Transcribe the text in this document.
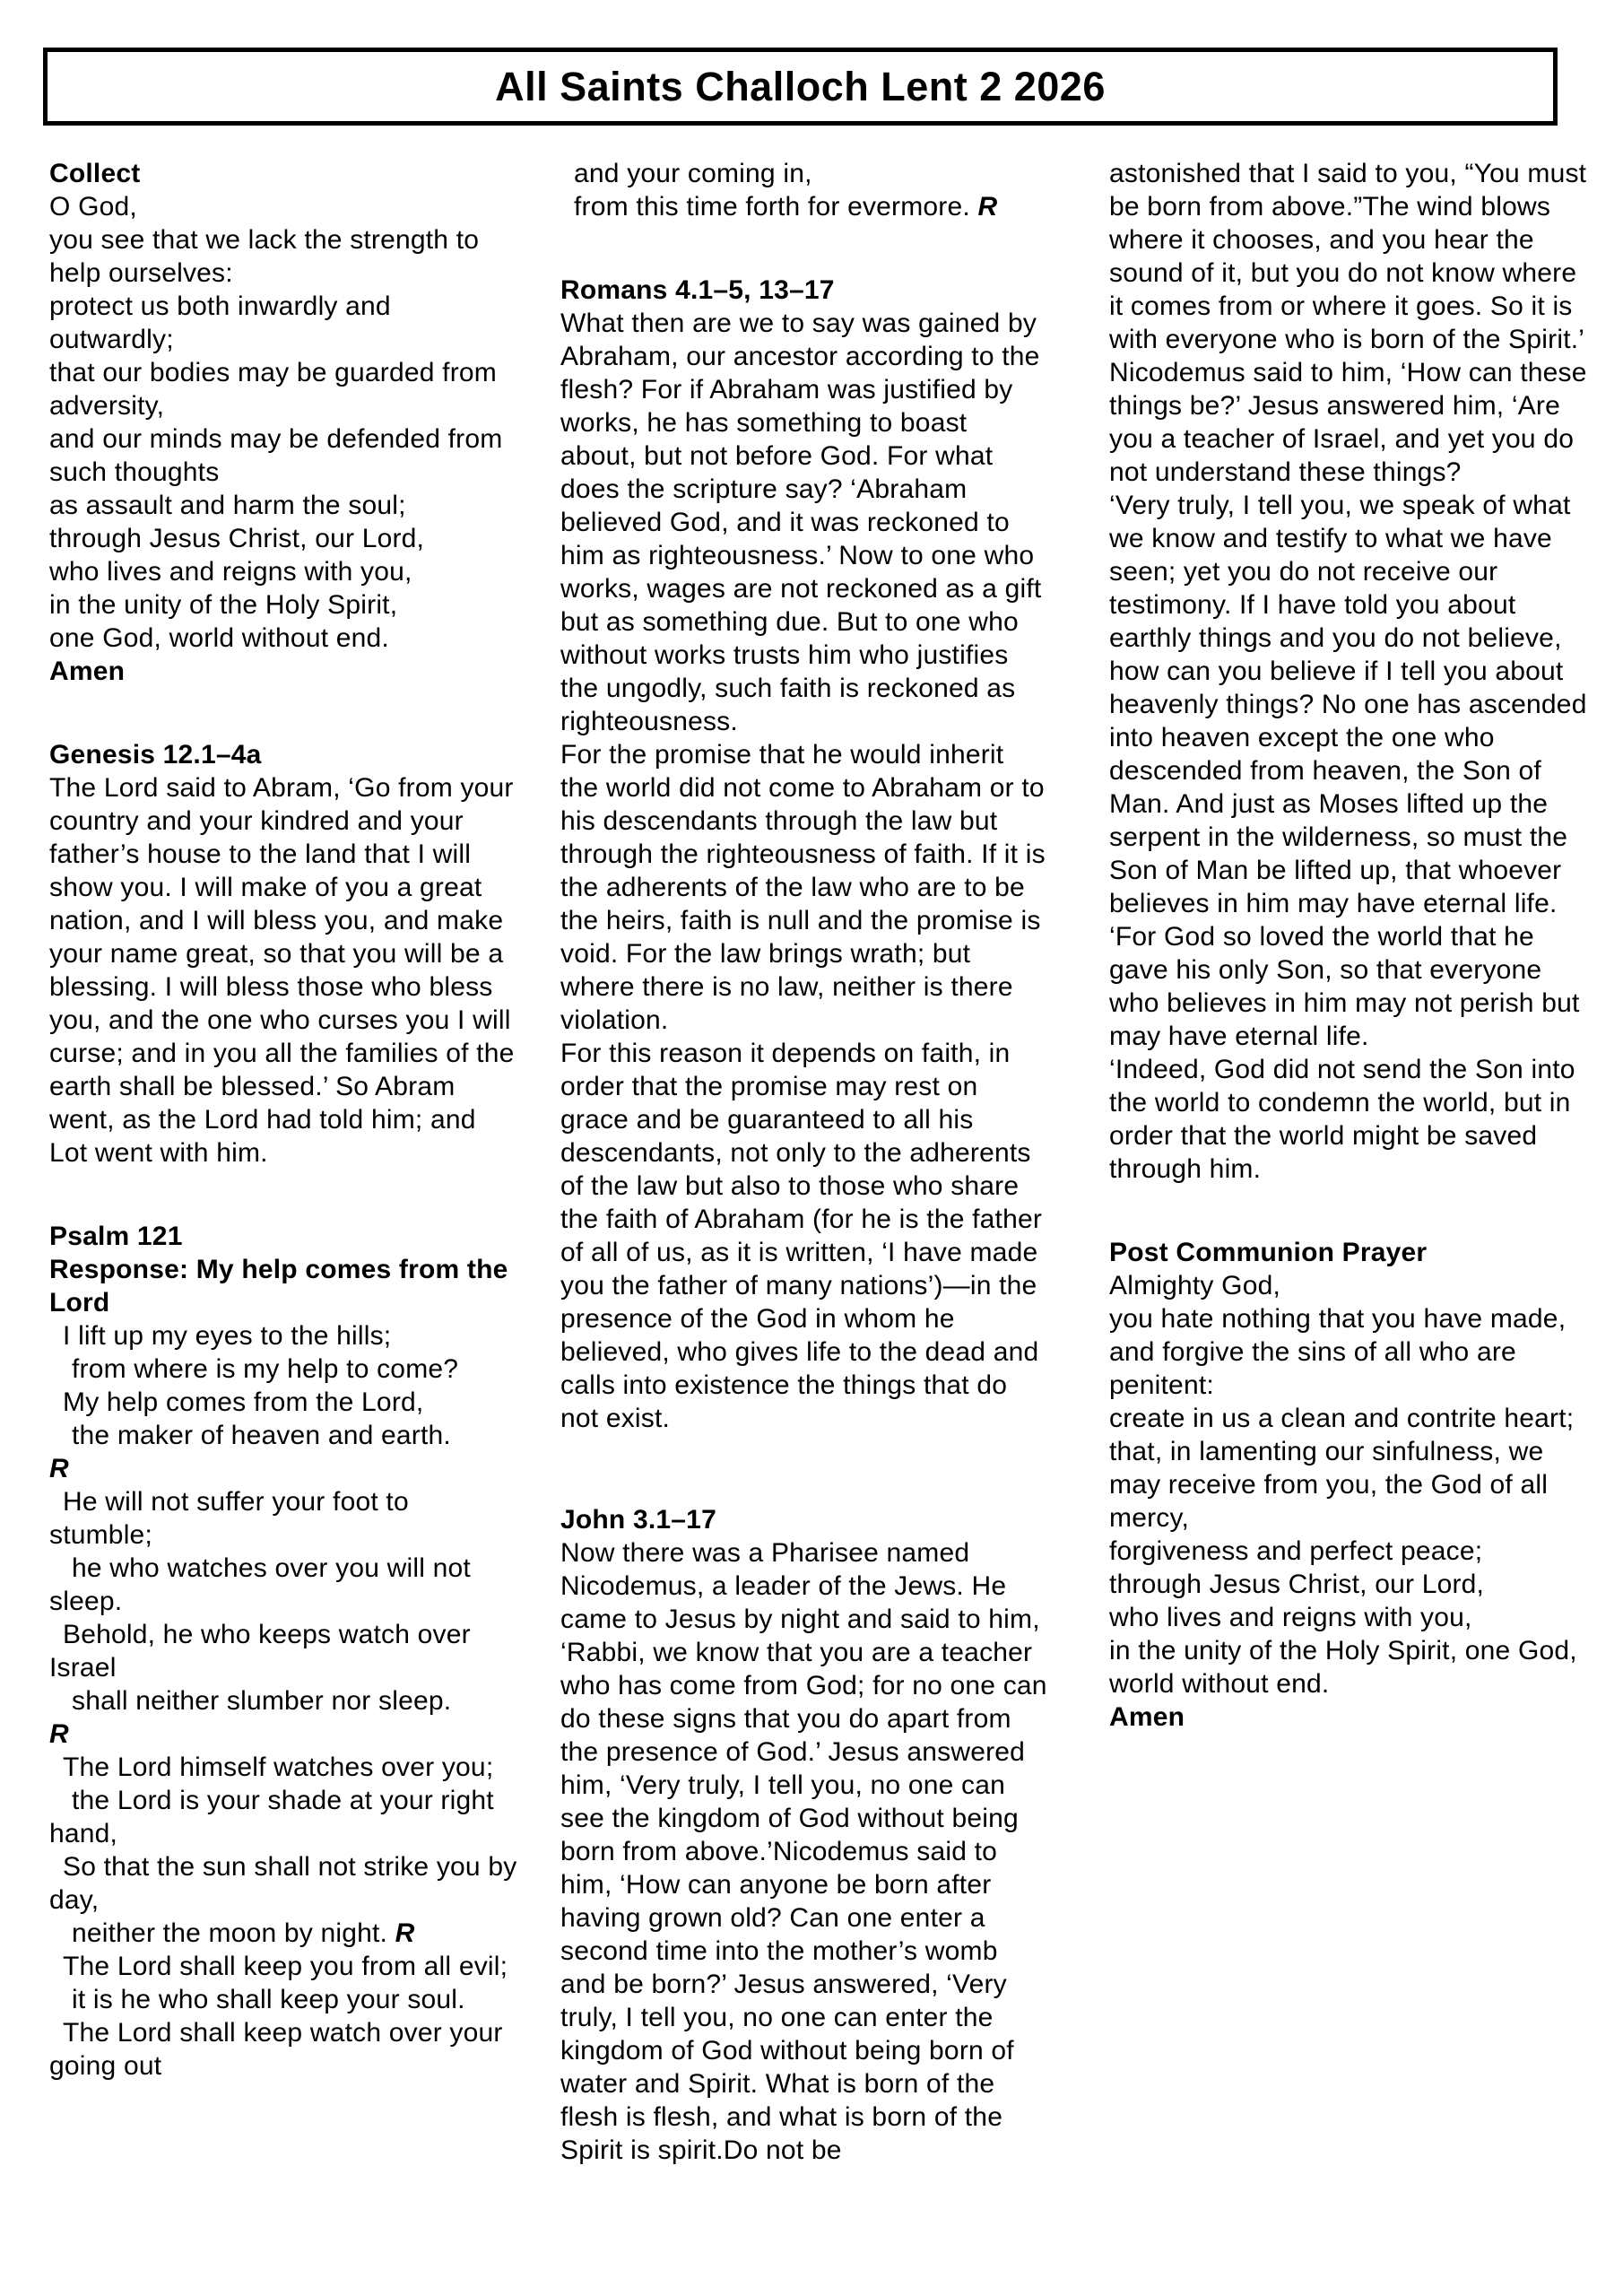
All Saints Challoch Lent 2 2026
Collect
O God,
you see that we lack the strength to help ourselves:
protect us both inwardly and outwardly;
that our bodies may be guarded from adversity,
and our minds may be defended from such thoughts
as assault and harm the soul;
through Jesus Christ, our Lord,
who lives and reigns with you,
in the unity of the Holy Spirit,
one God, world without end.
Amen
Genesis 12.1–4a
The Lord said to Abram, ‘Go from your country and your kindred and your father’s house to the land that I will show you. I will make of you a great nation, and I will bless you, and make your name great, so that you will be a blessing. I will bless those who bless you, and the one who curses you I will curse; and in you all the families of the earth shall be blessed.’ So Abram went, as the Lord had told him; and Lot went with him.
Psalm 121
Response: My help comes from the Lord
I lift up my eyes to the hills;
from where is my help to come?
My help comes from the Lord,
the maker of heaven and earth.
R
He will not suffer your foot to stumble;
he who watches over you will not sleep.
Behold, he who keeps watch over Israel
shall neither slumber nor sleep.
R
The Lord himself watches over you;
the Lord is your shade at your right hand,
So that the sun shall not strike you by day,
neither the moon by night. R
The Lord shall keep you from all evil;
it is he who shall keep your soul.
The Lord shall keep watch over your going out
and your coming in,
from this time forth for evermore. R
Romans 4.1–5, 13–17
What then are we to say was gained by Abraham, our ancestor according to the flesh? For if Abraham was justified by works, he has something to boast about, but not before God. For what does the scripture say? ‘Abraham believed God, and it was reckoned to him as righteousness.’ Now to one who works, wages are not reckoned as a gift but as something due. But to one who without works trusts him who justifies the ungodly, such faith is reckoned as righteousness.
For the promise that he would inherit the world did not come to Abraham or to his descendants through the law but through the righteousness of faith. If it is the adherents of the law who are to be the heirs, faith is null and the promise is void. For the law brings wrath; but where there is no law, neither is there violation.
For this reason it depends on faith, in order that the promise may rest on grace and be guaranteed to all his descendants, not only to the adherents of the law but also to those who share the faith of Abraham (for he is the father of all of us, as it is written, ‘I have made you the father of many nations’)—in the presence of the God in whom he believed, who gives life to the dead and calls into existence the things that do not exist.
John 3.1–17
Now there was a Pharisee named Nicodemus, a leader of the Jews. He came to Jesus by night and said to him, ‘Rabbi, we know that you are a teacher who has come from God; for no one can do these signs that you do apart from the presence of God.’ Jesus answered him, ‘Very truly, I tell you, no one can see the kingdom of God without being born from above.’Nicodemus said to him, ‘How can anyone be born after having grown old? Can one enter a second time into the mother’s womb and be born?’ Jesus answered, ‘Very truly, I tell you, no one can enter the kingdom of God without being born of water and Spirit. What is born of the flesh is flesh, and what is born of the Spirit is spirit.Do not be
astonished that I said to you, “You must be born from above.”The wind blows where it chooses, and you hear the sound of it, but you do not know where it comes from or where it goes. So it is with everyone who is born of the Spirit.’ Nicodemus said to him, ‘How can these things be?’ Jesus answered him, ‘Are you a teacher of Israel, and yet you do not understand these things?
‘Very truly, I tell you, we speak of what we know and testify to what we have seen; yet you do not receive our testimony. If I have told you about earthly things and you do not believe, how can you believe if I tell you about heavenly things? No one has ascended into heaven except the one who descended from heaven, the Son of Man. And just as Moses lifted up the serpent in the wilderness, so must the Son of Man be lifted up, that whoever believes in him may have eternal life.
‘For God so loved the world that he gave his only Son, so that everyone who believes in him may not perish but may have eternal life.
‘Indeed, God did not send the Son into the world to condemn the world, but in order that the world might be saved through him.
Post Communion Prayer
Almighty God,
you hate nothing that you have made,
and forgive the sins of all who are penitent:
create in us a clean and contrite heart;
that, in lamenting our sinfulness, we may receive from you, the God of all mercy,
forgiveness and perfect peace;
through Jesus Christ, our Lord,
who lives and reigns with you,
in the unity of the Holy Spirit, one God, world without end.
Amen
